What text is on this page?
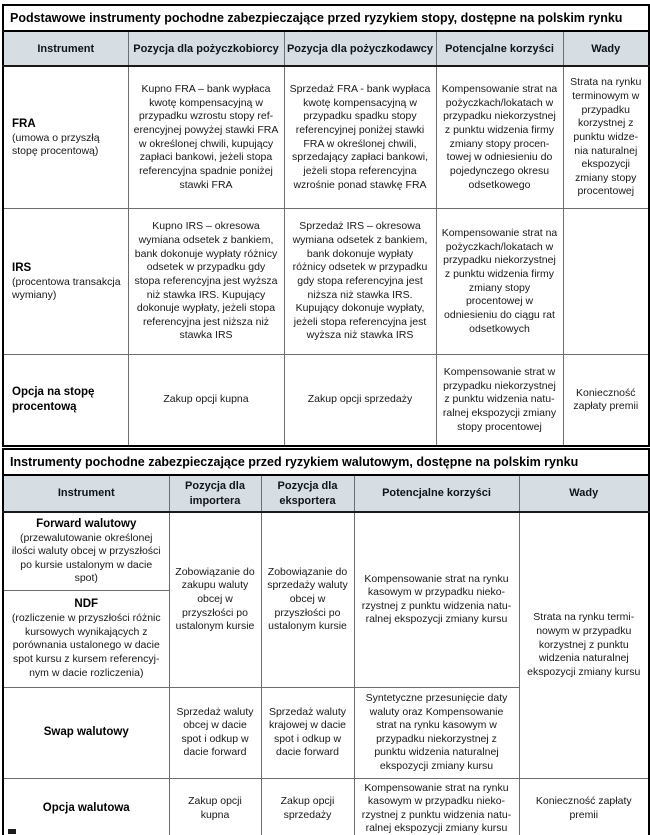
Podstawowe instrumenty pochodne zabezpieczające przed ryzykiem stopy, dostępne na polskim rynku				
Instrument	Pozycja dla pożyczkobiorcy	Pozycja dla pożyczkodawcy	Potencjalne korzyści	Wady

FRA
(umowa o przyszłą stopę procentową)
	Kupno FRA – bank wypłaca kwotę kompensacyjną w przypadku wzrostu stopy ref-erencyjnej powyżej stawki FRA w określonej chwili, kupujący zapłaci bankowi, jeżeli stopa referencyjna spadnie poniżej stawki FRA	Sprzedaż FRA - bank wypłaca kwotę kompensacyjną w przypadku spadku stopy referencyjnej poniżej stawki FRA w określonej chwili, sprzedający zapłaci bankowi, jeżeli stopa referencyjna wzrośnie ponad stawkę FRA	Kompensowanie strat na pożyczkach/lokatach w przypadku niekorzystnej z punktu widzenia firmy zmiany stopy procen-towej w odniesieniu do pojedynczego okresu odsetkowego	Strata na rynku terminowym w przypadku korzystnej z punktu widze-nia naturalnej ekspozycji zmiany stopy procentowej

IRS
(procentowa transakcja wymiany)
	Kupno IRS – okresowa wymiana odsetek z bankiem, bank dokonuje wypłaty różnicy odsetek w przypadku gdy stopa referencyjna jest wyższa niż stawka IRS. Kupujący dokonuje wypłaty, jeżeli stopa referencyjna jest niższa niż stawka IRS	Sprzedaż IRS – okresowa wymiana odsetek z bankiem, bank dokonuje wypłaty różnicy odsetek w przypadku gdy stopa referencyjna jest niższa niż stawka IRS. Kupujący dokonuje wypłaty, jeżeli stopa referencyjna jest wyższa niż stawka IRS	Kompensowanie strat na pożyczkach/lokatach w przypadku niekorzystnej z punktu widzenia firmy zmiany stopy procentowej w odniesieniu do ciągu rat odsetkowych	

Opcja na stopę procentową	Zakup opcji kupna	Zakup opcji sprzedaży	Kompensowanie strat w przypadku niekorzystnej z punktu widzenia natu-ralnej ekspozycji zmiany stopy procentowej	Konieczność zapłaty premii
Instrumenty pochodne zabezpieczające przed ryzykiem walutowym, dostępne na polskim rynku				
Instrument	Pozycja dla importera	Pozycja dla eksportera	Potencjalne korzyści	Wady

Forward walutowy
(przewalutowanie określonej ilości waluty obcej w przyszłości po kursie ustalonym w dacie spot)	Zobowiązanie do zakupu waluty obcej w przyszłości po ustalonym kursie	Zobowiązanie do sprzedaży waluty obcej w przyszłości po ustalonym kursie	Kompensowanie strat na rynku kasowym w przypadku nieko-rzystnej z punktu widzenia natu-ralnej ekspozycji zmiany kursu	Strata na rynku termi-nowym w przypadku korzystnej z punktu widzenia naturalnej ekspozycji zmiany kursu

NDF
(rozliczenie w przyszłości różnic kursowych wynikających z porównania ustalonego w dacie spot kursu z kursem referencyj-nym w dacie rozliczenia)				

Swap walutowy	Sprzedaż waluty obcej w dacie spot i odkup w dacie forward	Sprzedaż waluty krajowej w dacie spot i odkup w dacie forward	Syntetyczne przesunięcie daty waluty oraz Kompensowanie strat na rynku kasowym w przypadku niekorzystnej z punktu widzenia naturalnej ekspozycji zmiany kursu	

Opcja walutowa	Zakup opcji kupna	Zakup opcji sprzedaży	Kompensowanie strat na rynku kasowym w przypadku nieko-rzystnej z punktu widzenia natu-ralnej ekspozycji zmiany kursu	Konieczność zapłaty premii
